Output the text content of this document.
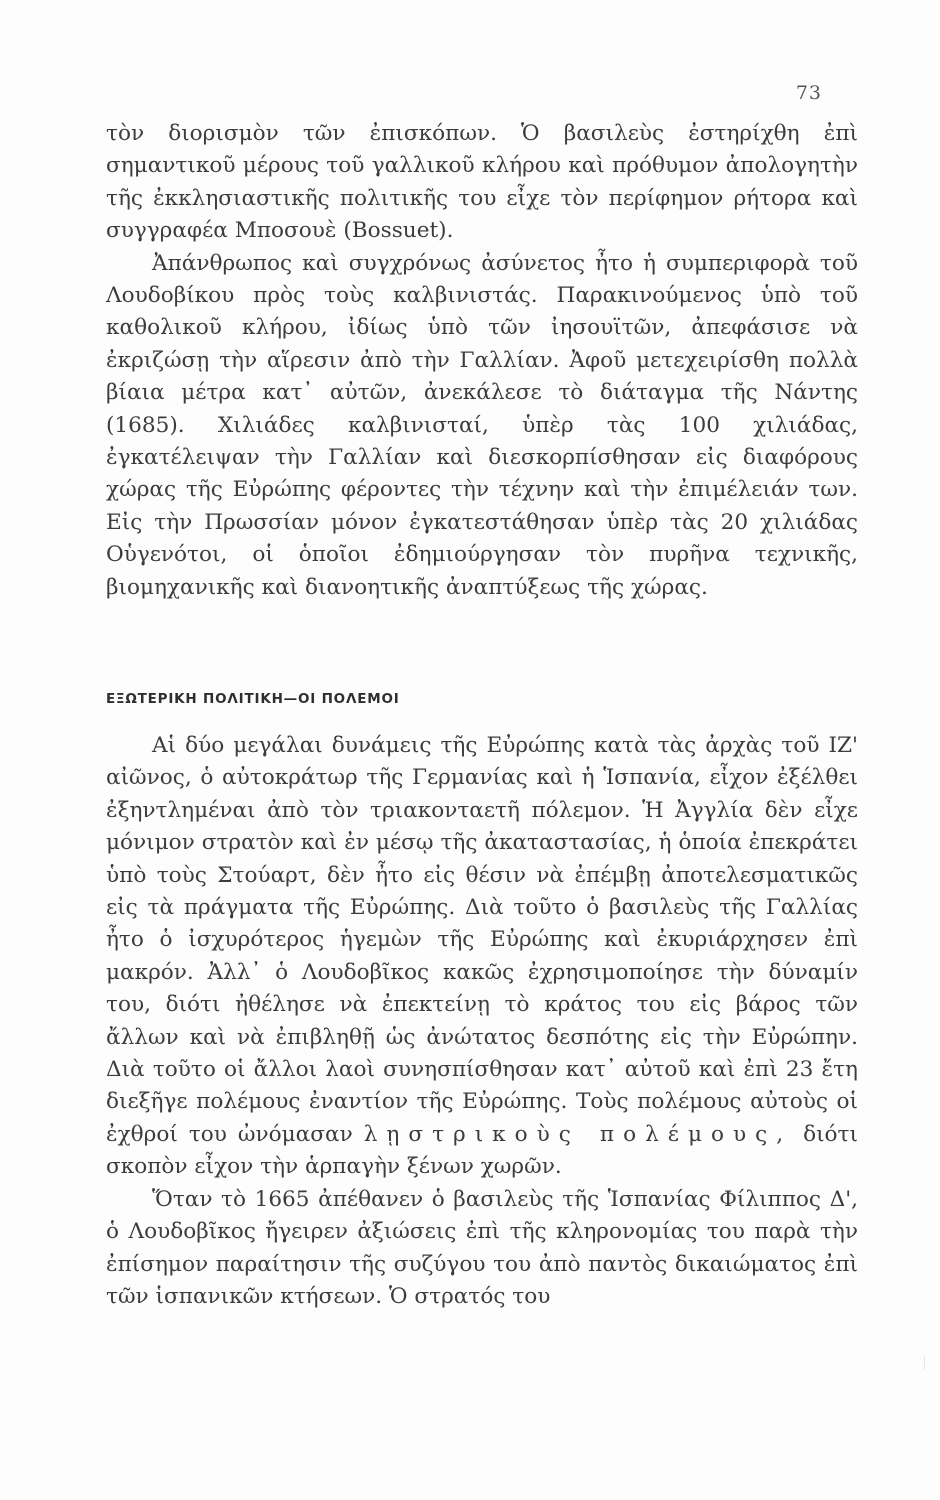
73

τὸν διορισμὸν τῶν ἐπισκόπων. Ὁ βασιλεὺς ἐστηρίχθη ἐπὶ σημαντικοῦ μέρους τοῦ γαλλικοῦ κλήρου καὶ πρόθυμον ἀπολογητὴν τῆς ἐκκλησιαστικῆς πολιτικῆς του εἶχε τὸν περίφημον ρήτορα καὶ συγγραφέα Μποσουὲ (Bossuet).

Ἀπάνθρωπος καὶ συγχρόνως ἀσύνετος ἦτο ἡ συμπεριφορὰ τοῦ Λουδοβίκου πρὸς τοὺς καλβινιστάς. Παρακινούμενος ὑπὸ τοῦ καθολικοῦ κλήρου, ἰδίως ὑπὸ τῶν ἰησουϊτῶν, ἀπεφάσισε νὰ ἐκριζώσῃ τὴν αἵρεσιν ἀπὸ τὴν Γαλλίαν. Ἀφοῦ μετεχειρίσθη πολλὰ βίαια μέτρα κατ᾽ αὐτῶν, ἀνεκάλεσε τὸ διάταγμα τῆς Νάντης (1685). Χιλιάδες καλβινισταί, ὑπὲρ τὰς 100 χιλιάδας, ἐγκατέλειψαν τὴν Γαλλίαν καὶ διεσκορπίσθησαν εἰς διαφόρους χώρας τῆς Εὐρώπης φέροντες τὴν τέχνην καὶ τὴν ἐπιμέλειάν των. Εἰς τὴν Πρωσσίαν μόνον ἐγκατεστάθησαν ὑπὲρ τὰς 20 χιλιάδας Οὑγενότοι, οἱ ὁποῖοι ἐδημιούργησαν τὸν πυρῆνα τεχνικῆς, βιομηχανικῆς καὶ διανοητικῆς ἀναπτύξεως τῆς χώρας.

ΕΞΩΤΕΡΙΚΗ ΠΟΛΙΤΙΚΗ—ΟΙ ΠΟΛΕΜΟΙ

Αἱ δύο μεγάλαι δυνάμεις τῆς Εὐρώπης κατὰ τὰς ἀρχὰς τοῦ ΙΖ' αἰῶνος, ὁ αὐτοκράτωρ τῆς Γερμανίας καὶ ἡ Ἱσπανία, εἶχον ἐξέλθει ἐξηντλημέναι ἀπὸ τὸν τριακονταετῆ πόλεμον. Ἡ Ἀγγλία δὲν εἶχε μόνιμον στρατὸν καὶ ἐν μέσῳ τῆς ἀκαταστασίας, ἡ ὁποία ἐπεκράτει ὑπὸ τοὺς Στούαρτ, δὲν ἦτο εἰς θέσιν νὰ ἐπέμβῃ ἀποτελεσματικῶς εἰς τὰ πράγματα τῆς Εὐρώπης. Διὰ τοῦτο ὁ βασιλεὺς τῆς Γαλλίας ἦτο ὁ ἰσχυρότερος ἡγεμὼν τῆς Εὐρώπης καὶ ἐκυριάρχησεν ἐπὶ μακρόν. Ἀλλ᾽ ὁ Λουδοβῖκος κακῶς ἐχρησιμοποίησε τὴν δύναμίν του, διότι ἠθέλησε νὰ ἐπεκτείνῃ τὸ κράτος του εἰς βάρος τῶν ἄλλων καὶ νὰ ἐπιβληθῇ ὡς ἀνώτατος δεσπότης εἰς τὴν Εὐρώπην. Διὰ τοῦτο οἱ ἄλλοι λαοὶ συνησπίσθησαν κατ᾽ αὐτοῦ καὶ ἐπὶ 23 ἔτη διεξῆγε πολέμους ἐναντίον τῆς Εὐρώπης. Τοὺς πολέμους αὐτοὺς οἱ ἐχθροί του ὠνόμασαν λῃστρικοὺς πολέμους, διότι σκοπὸν εἶχον τὴν ἁρπαγὴν ξένων χωρῶν.

Ὅταν τὸ 1665 ἀπέθανεν ὁ βασιλεὺς τῆς Ἱσπανίας Φίλιππος Δ', ὁ Λουδοβῖκος ἤγειρεν ἀξιώσεις ἐπὶ τῆς κληρονομίας του παρὰ τὴν ἐπίσημον παραίτησιν τῆς συζύγου του ἀπὸ παντὸς δικαιώματος ἐπὶ τῶν ἱσπανικῶν κτήσεων. Ὁ στρατός του
